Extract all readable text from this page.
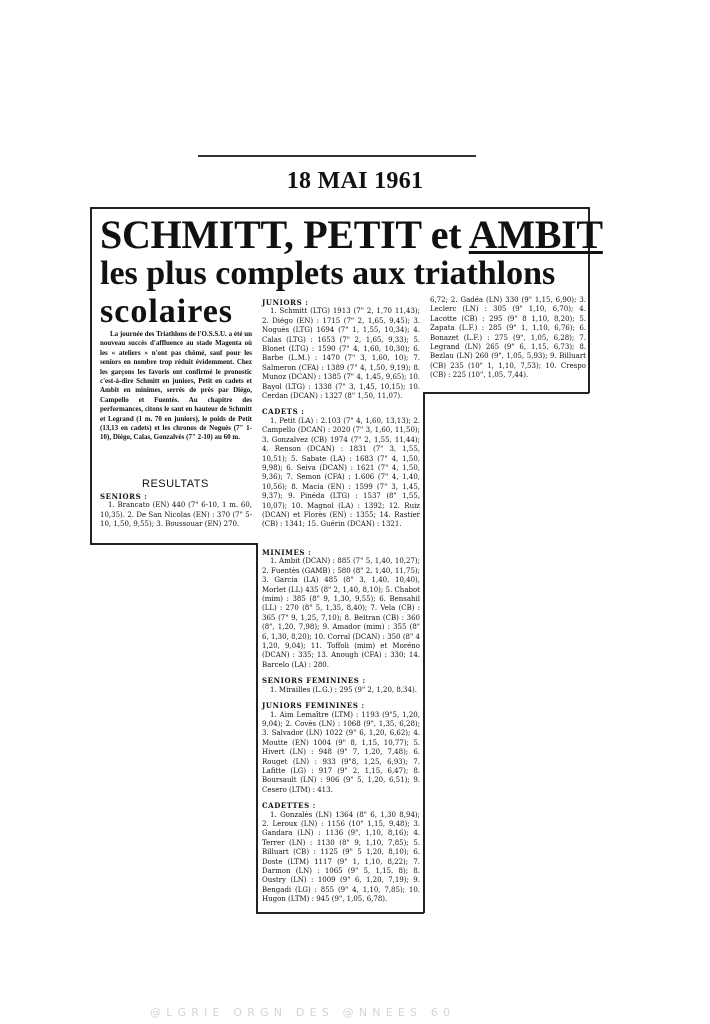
18 MAI 1961
SCHMITT, PETIT et AMBIT
les plus complets aux triathlons
scolaires
La journée des Triathlons de l'O.S.S.U. a été un nouveau succès d'affluence au stade Magenta où les « ateliers » n'ont pas chômé, sauf pour les seniors en nombre trop réduit évidemment. Chez les garçons les favoris ont confirmé le pronostic c'est-à-dire Schmitt en juniors, Petit en cadets et Ambit en minimes, serrés de près par Diégo, Campello et Fuentès. Au chapitre des performances, citons le saut en hauteur de Schmitt et Legrand (1 m. 70 en juniors), le poids de Petit (13,13 en cadets) et les chronos de Noguès (7" 1-10), Diégo, Calas, Gonzalvès (7" 2-10) au 60 m.
RESULTATS
SENIORS :

1. Brancato (EN) 440 (7" 6-10, 1 m. 60, 10,35). 2. De San Nicolas (EN) : 370 (7" 5-10, 1,50, 9,55); 3. Boussouar (EN) 270.

JUNIORS :

1. Schmitt (LTG) 1913 (7" 2, 1,70 11,43); 2. Diégo (EN) : 1715 (7" 2, 1,65, 9,45); 3. Noguès (LTG) 1694 (7" 1, 1,55, 10,34); 4. Calas (LTG) : 1653 (7" 2, 1,65, 9,33); 5. Blonet (LTG) : 1590 (7" 4, 1,60, 10,30); 6. Barbe (L.M.) : 1470 (7" 3, 1,60, 10); 7. Salmeron (CFA) : 1389 (7" 4, 1,50, 9,19); 8. Munoz (DCAN) : 1385 (7" 4, 1,45, 9,65); 10. Bayol (LTG) : 1338 (7" 3, 1,45, 10,15); 10. Cerdan (DCAN) : 1327 (8" 1,50, 11,07).

CADETS :

1. Petit (LA) : 2.103 (7" 4, 1,60, 13,13); 2. Campello (DCAN) : 2020 (7" 3, 1,60, 11,50); 3. Gonzalvez (CB) 1974 (7" 2, 1,55, 11,44); 4. Renson (DCAN) : 1831 (7" 3, 1,55, 10,51); 5. Sabate (LA) : 1683 (7" 4, 1,50, 9,98); 6. Seiva (DCAN) : 1621 (7" 4, 1,50, 9,36); 7. Semon (CFA) : 1.606 (7" 4, 1,40, 10,56); 8. Macia (EN) : 1599 (7" 3, 1,45, 9,37); 9. Pinéda (LTG) : 1537 (8" 1,55, 10,07); 10. Magnol (LA) : 1392; 12. Ruiz (DCAN) et Florès (EN) : 1355; 14. Rastier (CB) : 1341; 15. Guérin (DCAN) : 1321.

6,72; 2. Gadéa (LN) 330 (9" 1,15, 6,90); 3. Leclerc (LN) : 305 (9" 1,10, 6,70); 4. Lacotte (CB) : 295 (9" 8 1,10, 8,20); 5. Zapata (L.F.) : 285 (9" 1, 1,10, 6,76); 6. Bonazet (L.F.) : 275 (9", 1,05, 6,28); 7. Legrand (LN) 265 (9" 6, 1,15, 6,73); 8. Bezlau (LN) 260 (9", 1,05, 5,93); 9. Billuart (CB) 235 (10" 1, 1,10, 7,53); 10. Crespo (CB) : 225 (10", 1,05, 7,44).

MINIMES :

1. Ambit (DCAN) : 885 (7" 5, 1,40, 10,27); 2. Fuentès (GAMB) : 580 (8" 2, 1,40, 11,75); 3. Garcia (LA) 485 (8" 3, 1,40, 10,40), Morlet (LL) 435 (8" 2, 1,40, 8,10); 5. Chabot (mim) : 385 (8" 9, 1,30, 9,55); 6. Bensahil (LL) : 270 (8" 5, 1,35, 8,40); 7. Vela (CB) : 365 (7" 9, 1,25, 7,10); 8. Beltran (CB) : 360 (8", 1,20, 7,98); 9. Amador (mim) : 355 (8" 6, 1,30, 8,20); 10. Corral (DCAN) : 350 (8" 4 1,20, 9,04); 11. Toffoli (mim) et Moréno (DCAN) : 335; 13. Anough (CFA) : 330; 14. Barcelo (LA) : 280.

SENIORS FEMININES :

1. Mirailles (L.G.) : 295 (9" 2, 1,20, 8,34).

JUNIORS FEMININES :

1. Aim Lemaître (LTM) : 1193 (9"5, 1,20, 9,04); 2. Covès (LN) : 1068 (9", 1,35, 6,28); 3. Salvador (LN) 1022 (9" 6, 1,20, 6,62); 4. Moutte (EN) 1004 (9" 8, 1,15, 10,77); 5. Hivert (LN) : 948 (9" 7, 1,20, 7,48); 6. Rouget (LN) : 933 (9"8, 1,25, 6,93); 7. Lafitte (LG) : 917 (9" 2, 1,15, 6,47); 8. Boursault (LN) : 906 (9" 5, 1,20, 6,51); 9. Cesero (LTM) : 413.

CADETTES :

1. Gonzalès (LN) 1364 (8" 6, 1,30 8,94); 2. Leroux (LN) : 1156 (10" 1,15, 9,48); 3. Gandara (LN) : 1136 (9", 1,10, 8,16); 4. Terrer (LN) : 1130 (8" 9, 1,10, 7,85); 5. Billuart (CB) : 1125 (9" 5 1,20, 8,10); 6. Doste (LTM) 1117 (9" 1, 1,10, 8,22); 7. Darmon (LN) : 1065 (9" 5, 1,15, 8); 8. Oustry (LN) : 1009 (9" 6, 1,20, 7,19); 9. Bengadi (LG) : 855 (9" 4, 1,10, 7,85); 10. Hugon (LTM) : 945 (9", 1,05, 6,78).

@LGRIE ORGN DES @NNEES 60
